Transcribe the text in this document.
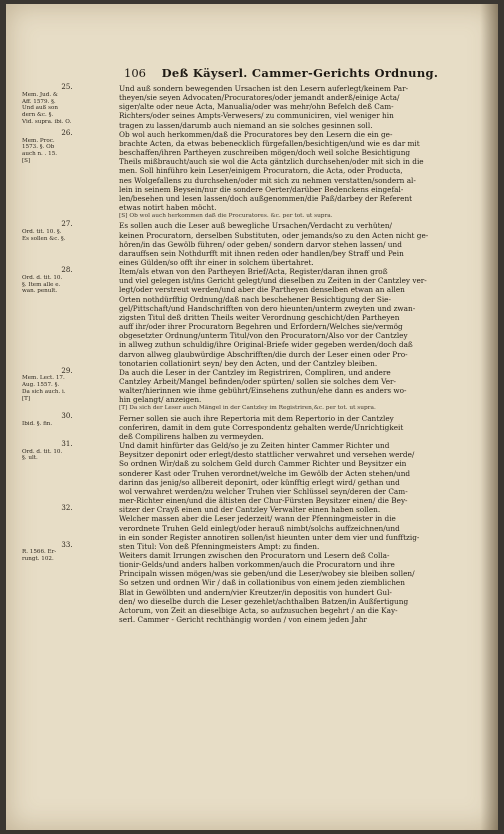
106 Deß Käyserl. Cammer-Gerichts Ordnung.
25.
Mem. Jud. &
Aff. 1579. §.
Und auß son
dern &c. §.
Vid. supra. ibi. O.
26.
Mem. Proc.
1573. §. Ob
auch n. . 15.
[S]
27.
Ord. tit. 10. §.
Es sollen &c. §.
28.
Ord. d. tit. 10.
§. Item alle e.
wan. penult.
29.
Mem. Lect. 17.
Aug. 1557. §.
Da sich auch. i.
[T]
30.
Ibid. §. fin.
31.
Ord. d. tit. 10.
§. ult.
32.
33.
R. 1566. Er-
rungt. 102.
Und auß sondern bewegenden Ursachen ist den Lesern auferlegt/keinem Par-
theyen/sie seyen Advocaten/Procuratores/oder jemandt anderß/einige Acta/
siger/alte oder neue Acta, Manualia/oder was mehr/ohn Befelch deß Cam-
Richters/oder seines Ampts-Verwesers/ zu communiciren, viel weniger hin
tragen zu lassen/darumb auch niemand an sie solches gesinnen soll.
Ob wol auch herkommen/daß die Procuratores bey den Lesern die ein ge-
brachte Acten, da etwas bebenecklich fürgefallen/besichtigen/und wie es dar mit
beschaffen/ihren Partheyen zuschreiben mögen/doch weil solche Besichtigung
Theils mißbraucht/auch sie wol die Acta gäntzlich durchsehen/oder mit sich in die
men. Soll hinführo kein Leser/einigem Procuratorn, die Acta, oder Producta,
nes Wolgefallens zu durchsehen/oder mit sich zu nehmen verstatten/sondern al-
lein in seinem Beysein/nur die sondere Oerter/darüber Bedenckens eingefal-
len/besehen und lesen lassen/doch außgenommen/die Paß/darbey der Referent
etwas notirt haben möcht.
[S] Ob wol auch herkommen daß die Procuratores. &c. per tot. ut supra.
Es sollen auch die Leser auß bewegliche Ursachen/Verdacht zu verhüten/
keinen Procuratorn, derselben Substituten, oder jemands/so zu den Acten nicht ge-
hören/in das Gewölb führen/ oder geben/ sondern darvor stehen lassen/ und
darauffsen sein Nothdurfft mit ihnen reden oder handlen/bey Straff und Pein
eines Gülden/so offt ihr einer in solchem übertahret.
Item/als etwan von den Partheyen Brief/Acta, Register/daran ihnen groß
und viel gelegen ist/ins Gericht gelegt/und dieselben zu Zeiten in der Cantzley ver-
legt/oder verstreut werden/und aber die Partheyen denselben etwan an allen
Orten nothdürfftig Ordnung/daß nach beschehener Besichtigung der Sie-
gel/Pittschaft/und Handschrifften von dero hieunten/unterm zweyten und zwan-
zigsten Titul deß dritten Theils weiter Verordnung geschicht/den Partheyen
auff ihr/oder ihrer Procuratorn Begehren und Erfordern/Welches sie/vermög
obgesetzter Ordnung/unterm Titul/von den Procuratorn/Also vor der Cantzley
in allweg zuthun schuldig/ihre Original-Briefe wider gegeben werden/doch daß
darvon allweg glaubwürdige Abschrifften/die durch der Leser einen oder Pro-
tonotarien collationirt seyn/ bey den Acten, und der Cantzley bleiben.
Da auch die Leser in der Cantzley im Registriren, Compliren, und andere
Cantzley Arbeit/Mangel befinden/oder spürten/ sollen sie solches dem Ver-
walter/hierinnen wie ihme gebührt/Einsehens zuthun/ehe dann es anders wo-
hin gelangt/ anzeigen.
[T] Da sich der Leser auch Mängel in der Cantzley im Registriren,&c. per tot. ut supra.
Ferner sollen sie auch ihre Repertoria mit dem Repertorio in der Cantzley
conferiren, damit in dem gute Correspondentz gehalten werde/Unrichtigkeit
deß Compilirens halben zu vermeyden.
Und damit hinfürter das Geld/so je zu Zeiten hinter Cammer Richter und
Beysitzer deponirt oder erlegt/desto stattlicher verwahret und versehen werde/
So ordnen Wir/daß zu solchem Geld durch Cammer Richter und Beysitzer ein
sonderer Kast oder Truhen verordnet/welche im Gewölb der Acten stehen/und
darinn das jenig/so allbereit deponirt, oder künfftig erlegt wird/ gethan und
wol verwahret werden/zu welcher Truhen vier Schlüssel seyn/deren der Cam-
mer-Richter einen/und die ältisten der Chur-Fürsten Beysitzer einen/ die Bey-
sitzer der Crayß einen und der Cantzley Verwalter einen haben sollen.
Welcher massen aber die Leser jederzeit/ wann der Pfenningmeister in die
verordnete Truhen Geld einlegt/oder herauß nimbt/solchs auffzeichnen/und
in ein sonder Register annotiren sollen/ist hieunten unter dem vier und funfftzig-
sten Titul: Von deß Pfenningmeisters Ampt: zu finden.
Weiters damit Irrungen zwischen den Procuratorn und Lesern deß Colla-
tionir-Gelds/und anders halben vorkommen/auch die Procuratorn und ihre
Principaln wissen mögen/was sie geben/und die Leser/wobey sie bleiben sollen/
So setzen und ordnen Wir / daß in collationibus von einem jeden ziemblichen
Blat in Gewölbten und andern/vier Kreutzer/in depositis von hundert Gul-
den/ wo dieselbe durch die Leser gezehlet/achthalben Batzen/in Außfertigung
Actorum, von Zeit an dieselbige Acta, so aufzusuchen begehrt / an die Kay-
serl. Cammer - Gericht rechthängig worden / von einem jeden Jahr
